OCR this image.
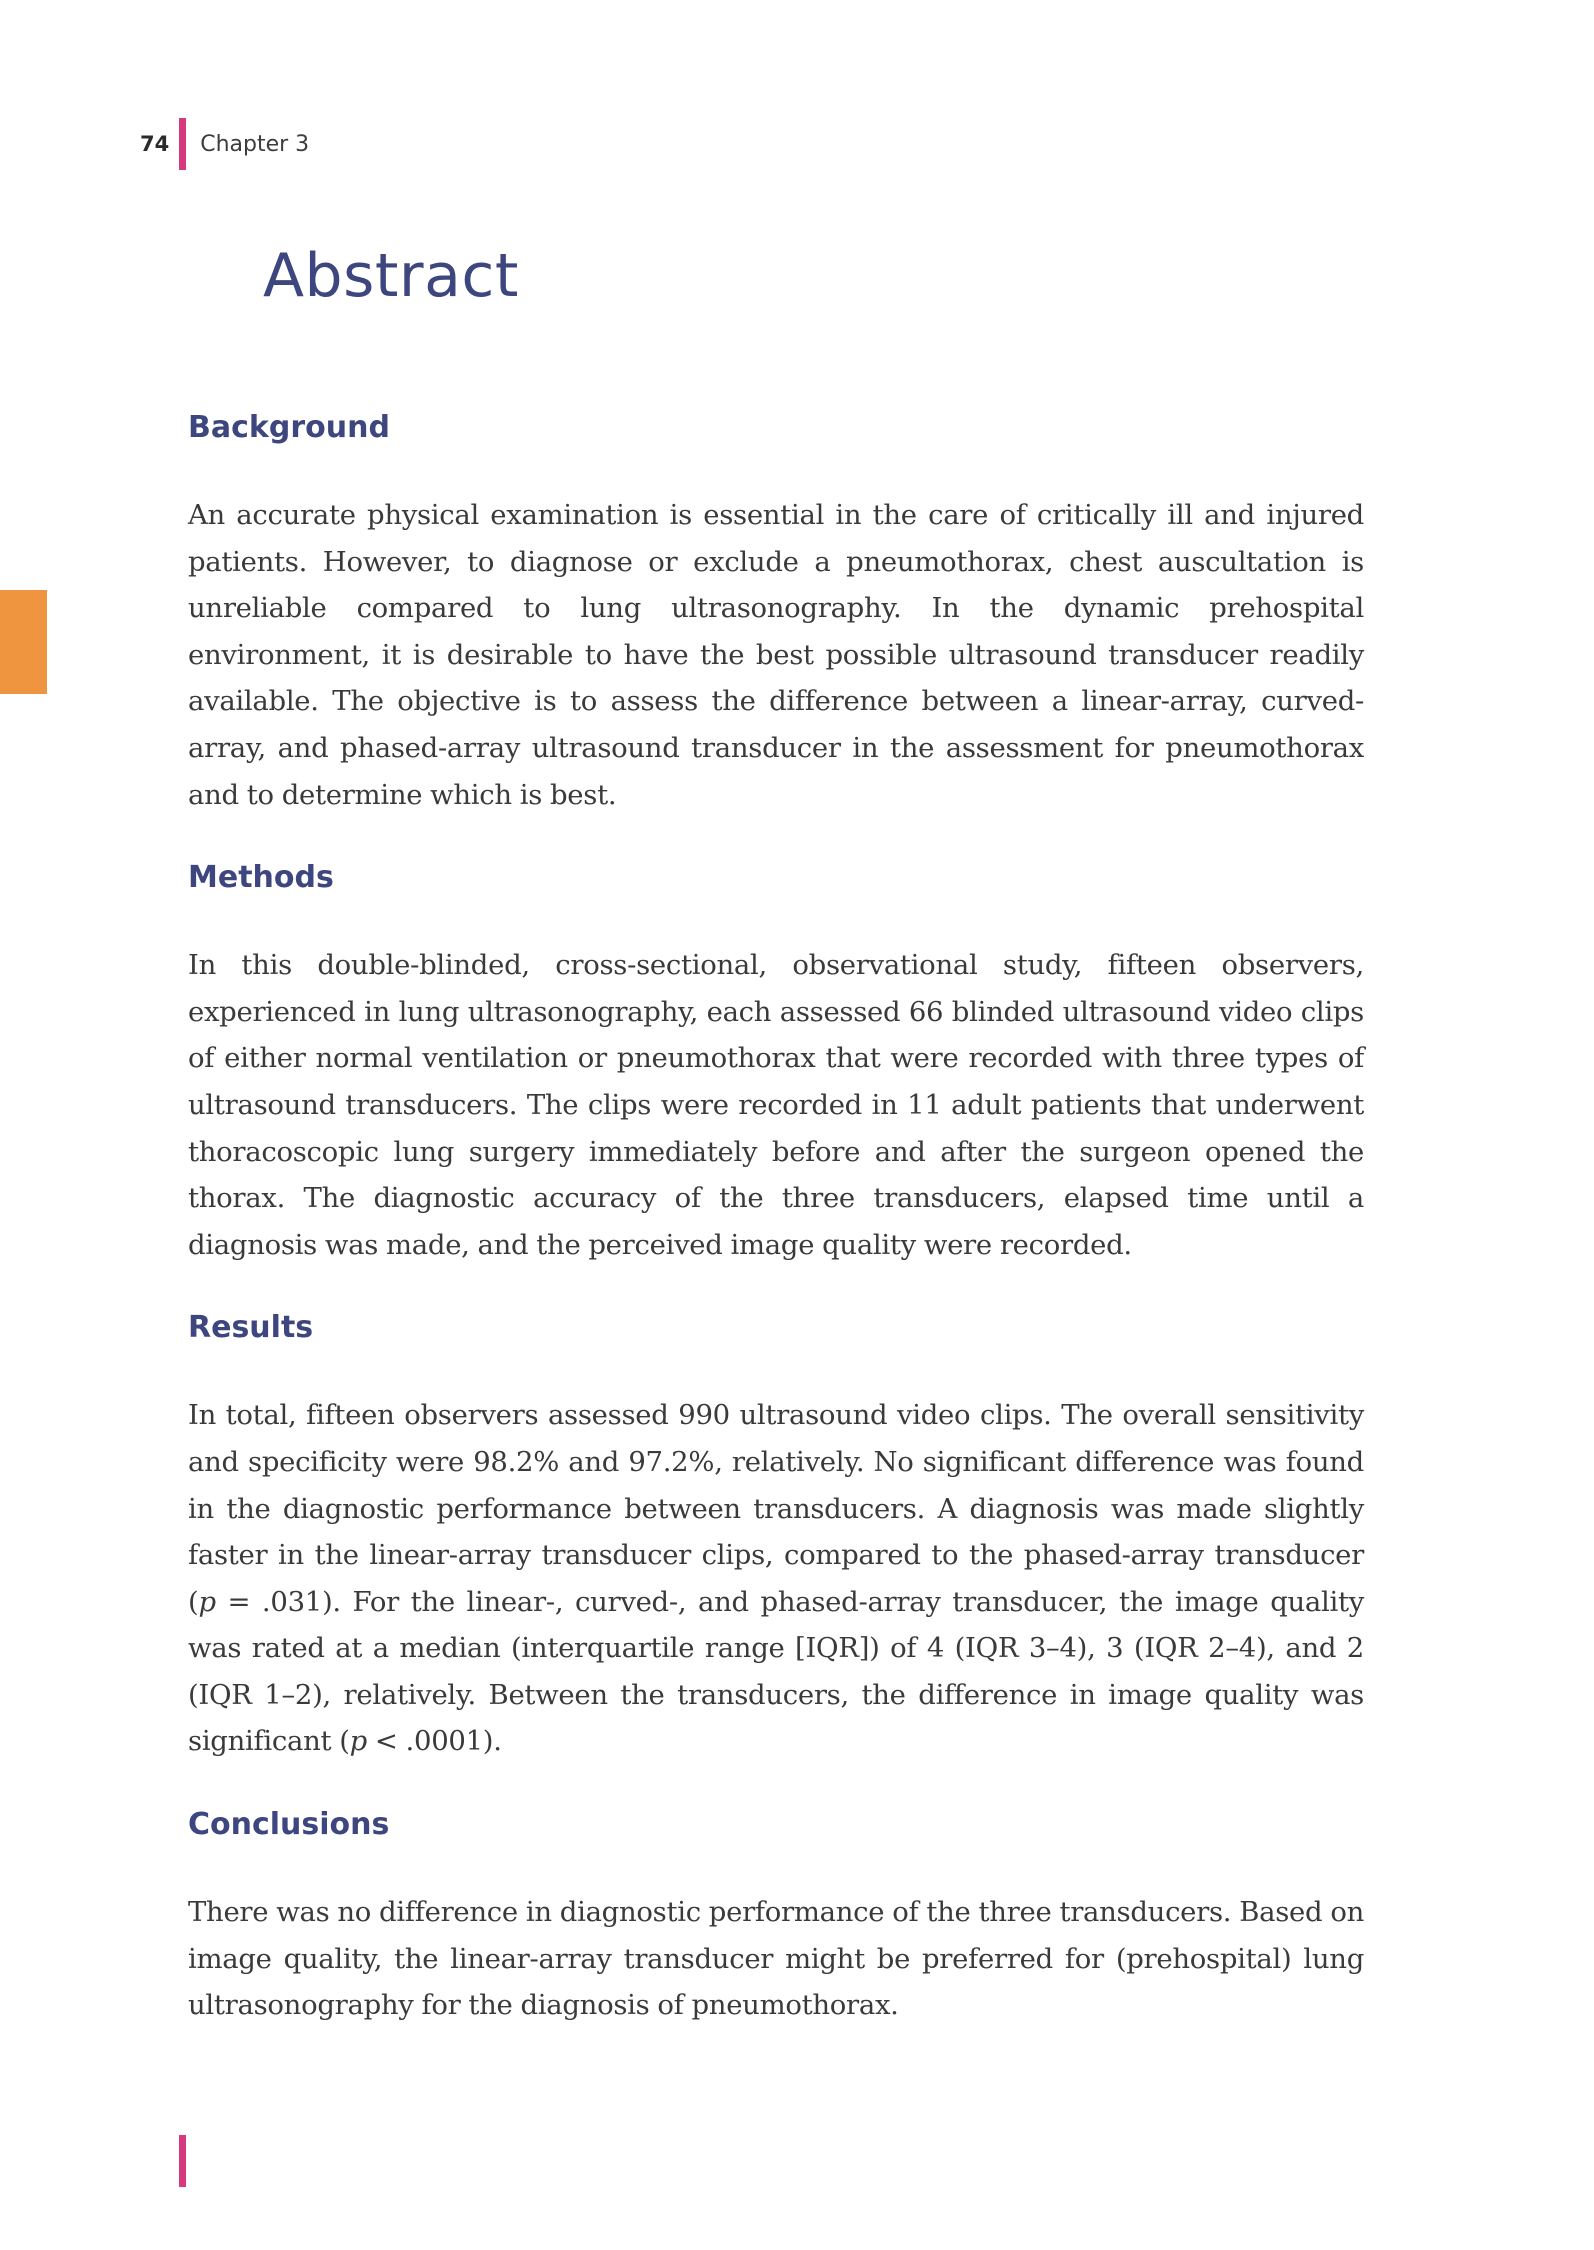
74 Chapter 3
Abstract
Background

An accurate physical examination is essential in the care of critically ill and injured patients. However, to diagnose or exclude a pneumothorax, chest auscultation is unreliable compared to lung ultrasonography. In the dynamic prehospital environment, it is desirable to have the best possible ultrasound transducer readily available. The objective is to assess the difference between a linear-array, curved-array, and phased-array ultrasound transducer in the assessment for pneumothorax and to determine which is best.

Methods

In this double-blinded, cross-sectional, observational study, fifteen observers, experienced in lung ultrasonography, each assessed 66 blinded ultrasound video clips of either normal ventilation or pneumothorax that were recorded with three types of ultrasound transducers. The clips were recorded in 11 adult patients that underwent thoracoscopic lung surgery immediately before and after the surgeon opened the thorax. The diagnostic accuracy of the three transducers, elapsed time until a diagnosis was made, and the perceived image quality were recorded.

Results

In total, fifteen observers assessed 990 ultrasound video clips. The overall sensitivity and specificity were 98.2% and 97.2%, relatively. No significant difference was found in the diagnostic performance between transducers. A diagnosis was made slightly faster in the linear-array transducer clips, compared to the phased-array transducer (p = .031). For the linear-, curved-, and phased-array transducer, the image quality was rated at a median (interquartile range [IQR]) of 4 (IQR 3–4), 3 (IQR 2–4), and 2 (IQR 1–2), relatively. Between the transducers, the difference in image quality was significant (p < .0001).

Conclusions

There was no difference in diagnostic performance of the three transducers. Based on image quality, the linear-array transducer might be preferred for (prehospital) lung ultrasonography for the diagnosis of pneumothorax.
